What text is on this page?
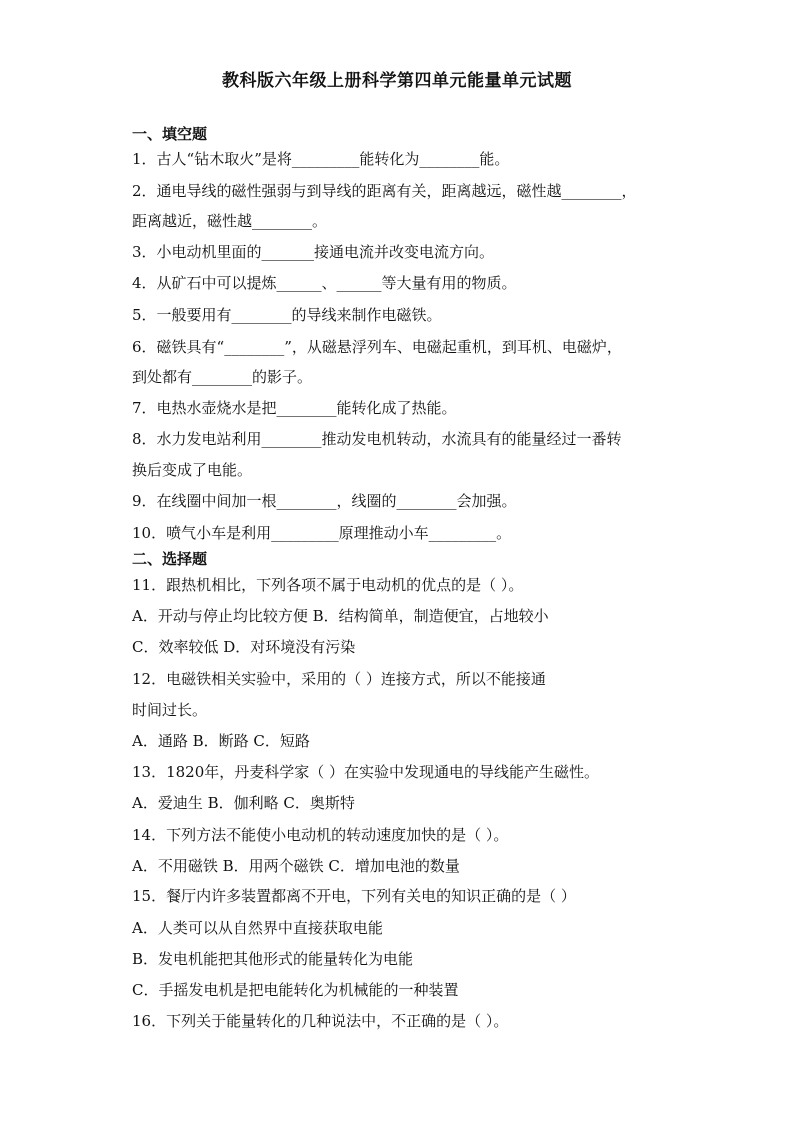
教科版六年级上册科学第四单元能量单元试题
一、填空题
1．古人“钻木取火”是将_________能转化为________能。
2．通电导线的磁性强弱与到导线的距离有关，距离越远，磁性越________，
距离越近，磁性越________。
3．小电动机里面的_______接通电流并改变电流方向。
4．从矿石中可以提炼______、______等大量有用的物质。
5．一般要用有________的导线来制作电磁铁。
6．磁铁具有“________”，从磁悬浮列车、电磁起重机，到耳机、电磁炉，
到处都有________的影子。
7．电热水壶烧水是把________能转化成了热能。
8．水力发电站利用________推动发电机转动，水流具有的能量经过一番转
换后变成了电能。
9．在线圈中间加一根________，线圈的________会加强。
10．喷气小车是利用_________原理推动小车_________。
二、选择题
11．跟热机相比，下列各项不属于电动机的优点的是（ ）。
A．开动与停止均比较方便 B．结构简单，制造便宜，占地较小
C．效率较低 D．对环境没有污染
12．电磁铁相关实验中，采用的（ ）连接方式，所以不能接通
时间过长。
A．通路 B．断路 C．短路
13．1820年，丹麦科学家（ ）在实验中发现通电的导线能产生磁性。
A．爱迪生 B．伽利略 C．奥斯特
14．下列方法不能使小电动机的转动速度加快的是（ ）。
A．不用磁铁 B．用两个磁铁 C．增加电池的数量
15．餐厅内许多装置都离不开电，下列有关电的知识正确的是（ ）
A．人类可以从自然界中直接获取电能
B．发电机能把其他形式的能量转化为电能
C．手摇发电机是把电能转化为机械能的一种装置
16．下列关于能量转化的几种说法中，不正确的是（ ）。
